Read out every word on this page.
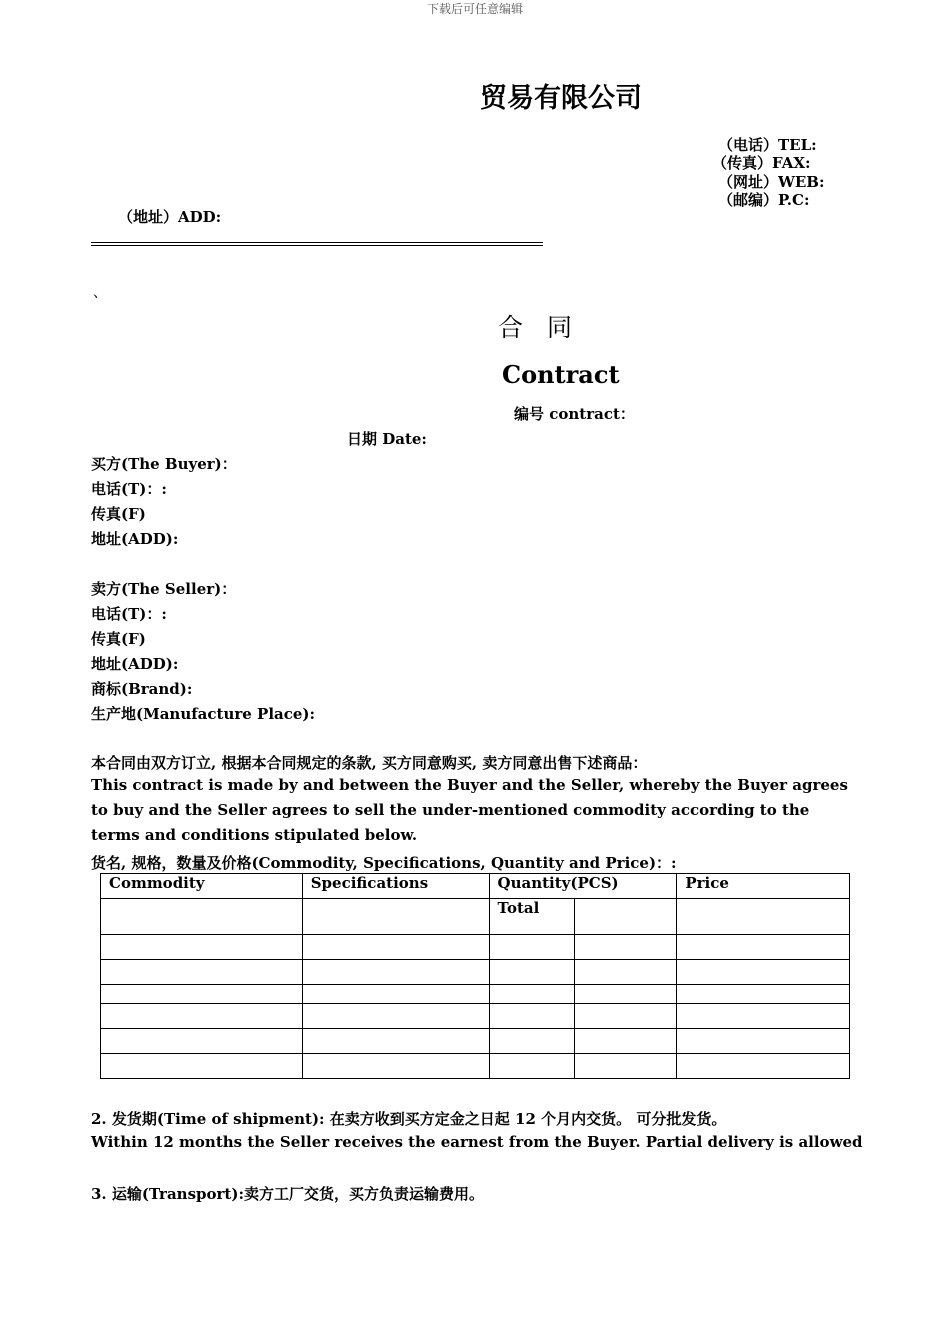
下载后可任意编辑
贸易有限公司
（电话）TEL:
（传真）FAX:
（网址）WEB:
（邮编）P.C:
（地址）ADD:
、
合 同
Contract
编号 contract：
日期 Date:
买方(The Buyer)：
电话(T)：:
传真(F)
地址(ADD):
卖方(The Seller)：
电话(T)：:
传真(F)
地址(ADD):
商标(Brand):
生产地(Manufacture Place):
本合同由双方订立, 根据本合同规定的条款, 买方同意购买, 卖方同意出售下述商品：
This contract is made by and between the Buyer and the Seller, whereby the Buyer agrees to buy and the Seller agrees to sell the under-mentioned commodity according to the terms and conditions stipulated below.
货名, 规格，数量及价格(Commodity, Specifications, Quantity and Price)：:
Commodity	Specifications	Quantity(PCS)		Price
		Total		

2. 发货期(Time of shipment): 在卖方收到买方定金之日起 12 个月内交货。 可分批发货。
Within 12 months the Seller receives the earnest from the Buyer. Partial delivery is allowed
3. 运输(Transport):卖方工厂交货，买方负责运输费用。
